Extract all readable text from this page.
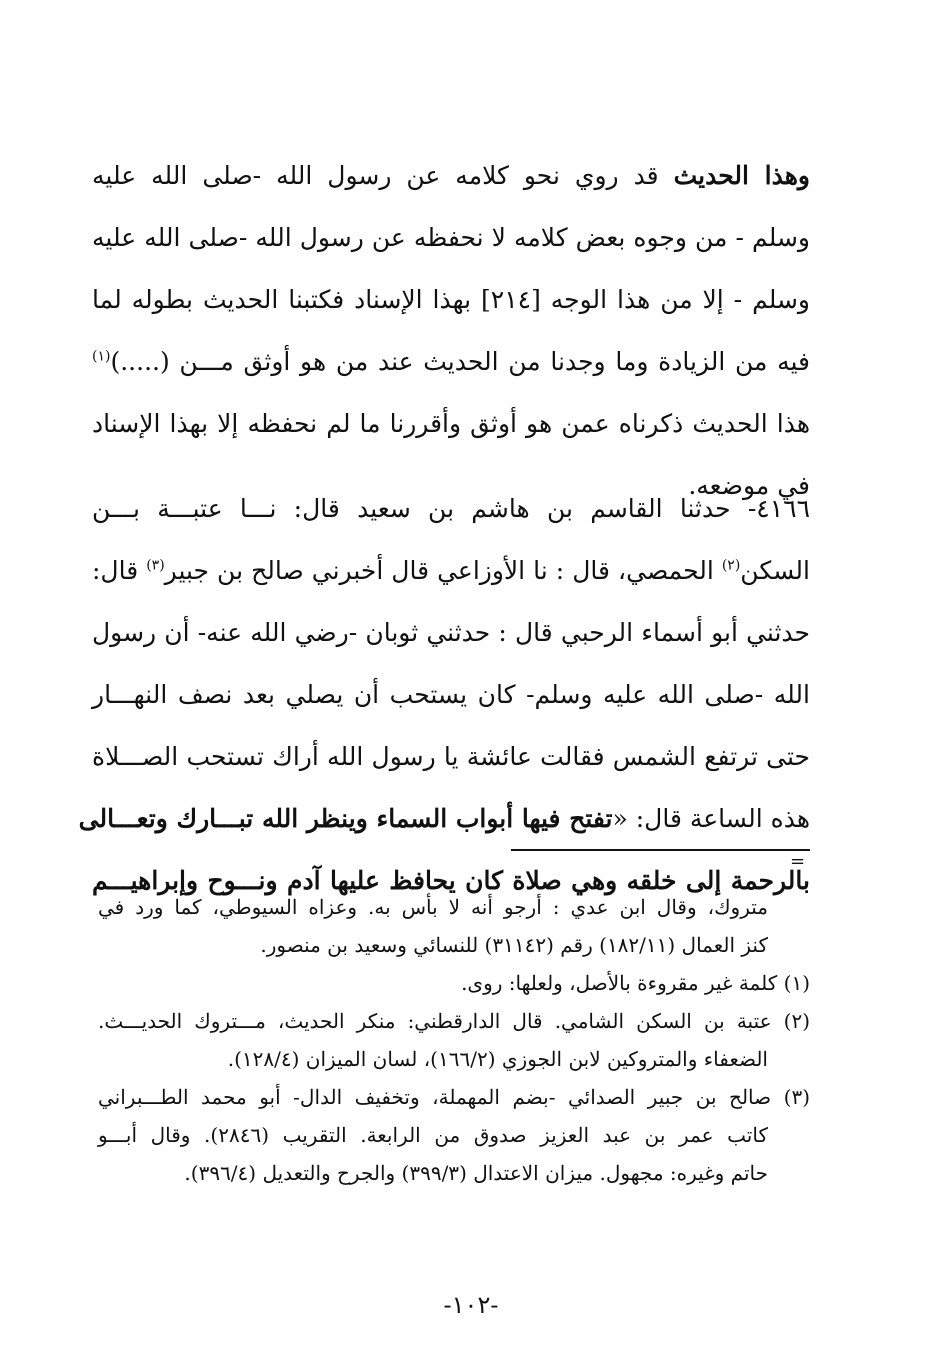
وهذا الحديث قد روي نحو كلامه عن رسول الله -صلى الله عليه
وسلم - من وجوه بعض كلامه لا نحفظه عن رسول الله -صلى الله عليه
وسلم - إلا من هذا الوجه [٢١٤] بهذا الإسناد فكتبنا الحديث بطوله لما
فيه من الزيادة وما وجدنا من الحديث عند من هو أوثق مـــن (.....)$^{(١)}$
هذا الحديث ذكرناه عمن هو أوثق وأقررنا ما لم نحفظه إلا بهذا الإسناد
في موضعه.
٤١٦٦- حدثنا القاسم بن هاشم بن سعيد قال: نـــا عتبـــة بـــن
السكن$^{(٢)}$ الحمصي، قال : نا الأوزاعي قال أخبرني صالح بن جبير$^{(٣)}$ قال:
حدثني أبو أسماء الرحبي قال : حدثني ثوبان -رضي الله عنه- أن رسول
الله -صلى الله عليه وسلم- كان يستحب أن يصلي بعد نصف النهـــار
حتى ترتفع الشمس فقالت عائشة يا رسول الله أراك تستحب الصـــلاة
هذه الساعة قال: «تفتح فيها أبواب السماء وينظر الله تبـــارك وتعـــالى
بالرحمة إلى خلقه وهي صلاة كان يحافظ عليها آدم ونـــوح وإبراهيـــم
=
متروك، وقال ابن عدي : أرجو أنه لا بأس به. وعزاه السيوطي، كما ورد في
كنز العمال (١٨٢/١١) رقم (٣١١٤٢) للنسائي وسعيد بن منصور.
(١) كلمة غير مقروءة بالأصل، ولعلها: روى.
(٢) عتبة بن السكن الشامي. قال الدارقطني: منكر الحديث، مـــتروك الحديـــث.
الضعفاء والمتروكين لابن الجوزي (١٦٦/٢)، لسان الميزان (١٢٨/٤).
(٣) صالح بن جبير الصدائي -بضم المهملة، وتخفيف الدال- أبو محمد الطـــبراني
كاتب عمر بن عبد العزيز صدوق من الرابعة. التقريب (٢٨٤٦). وقال أبـــو
حاتم وغيره: مجهول. ميزان الاعتدال (٣٩٩/٣) والجرح والتعديل (٣٩٦/٤).
-١٠٢-
